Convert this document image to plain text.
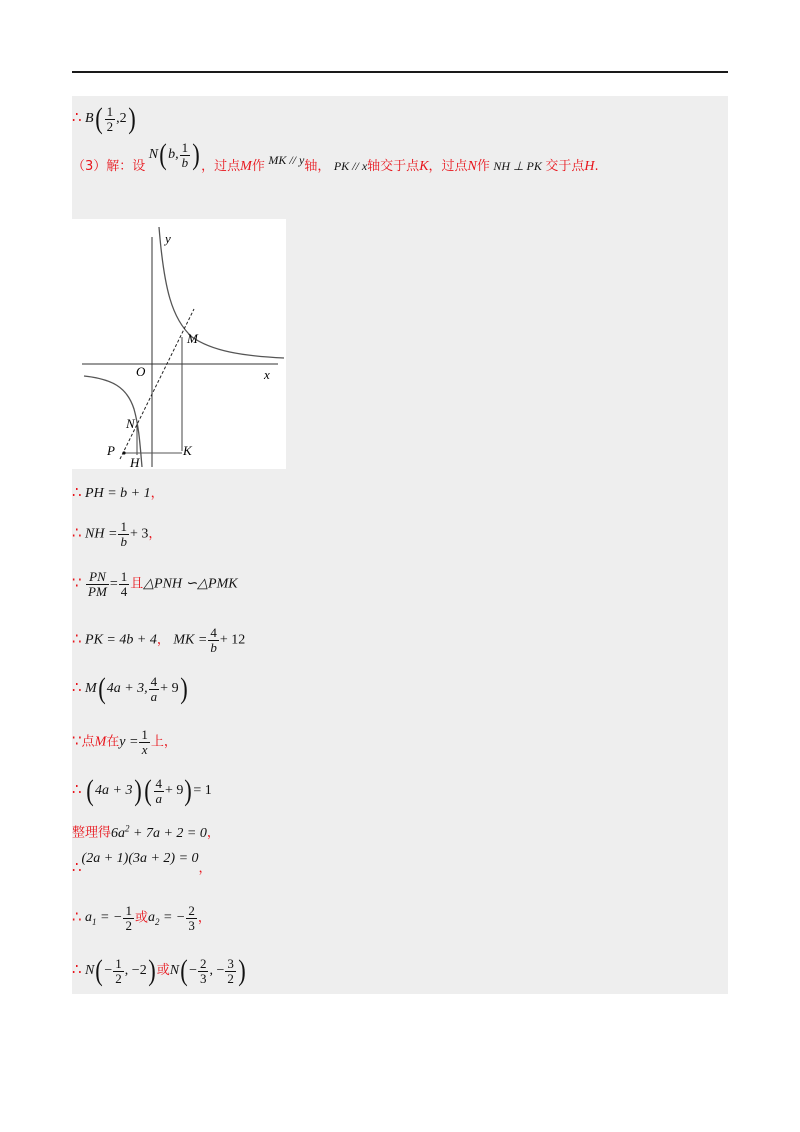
∴ $B( \frac{1}{2} ,2)$
（3）解：设 N(b, $\frac{1}{b}$ )，过点M作 MK // y轴， PK // x轴交于点K，过点N作 NH ⊥ PK 交于点H.
y
x
O
M
N
P
H
K
∴ PH = b + 1，
∴ NH = $\frac{1}{b} + 3$，
∵ $\frac{PN}{PM} = \frac{1}{4}$ 且△PNH ∽△PMK
∴ PK = 4b + 4， MK = $\frac{4}{b} + 12$
∴ M(4a + 3, $\frac{4}{a} + 9$)
∵点M在$y = \frac{1}{x}$ 上，
∴ $(4a + 3)( \frac{4}{a} + 9)= 1$
整理得$6a^2 + 7a + 2 = 0$，
∴(2a + 1)(3a + 2) = 0，
∴ $a_1$ = − $\frac{1}{2}$ 或$a_2$ = − $\frac{2}{3}$ ，
∴ $N(- \frac{1}{2}$ , −2)或$N(- \frac{2}{3}$ , − $\frac{3}{2}$ )
